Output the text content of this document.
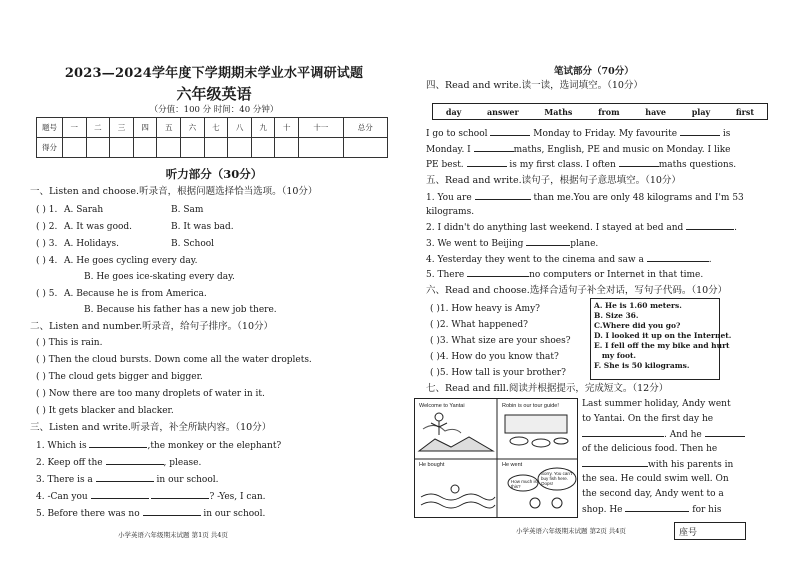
2023—2024学年度下学期期末学业水平调研试题
六年级英语
（分值：100 分 时间：40 分钟）
题号	一	二	三	四	五	六	七	八	九	十	十一	总分
得分												
听力部分（30分）
一、Listen and choose.听录音，根据问题选择恰当选项。（10分）
( ) 1. A. Sarah	B. Sam
( ) 2. A. It was good.	B. It was bad.
( ) 3. A. Holidays.	B. School
( ) 4. A. He goes cycling every day.
B. He goes ice-skating every day.
( ) 5. A. Because he is from America.
B. Because his father has a new job there.
二、Listen and number.听录音，给句子排序。（10分）
( ) This is rain.
( ) Then the cloud bursts. Down come all the water droplets.
( ) The cloud gets bigger and bigger.
( ) Now there are too many droplets of water in it.
( ) It gets blacker and blacker.
三、Listen and write.听录音，补全所缺内容。（10分）
1. Which is	,the monkey or the elephant?
2. Keep off the	, please.
3. There is a	in our school.
4. -Can you	? -Yes, I can.
5. Before there was no	in our school.
小学英语六年级期末试题 第1页 共4页
笔试部分（70分）
四、Read and write.读一读，选词填空。（10分）
day	answer	Maths	from	have	play	first
I go to school	Monday to Friday. My favourite	is
Monday. I	maths, English, PE and music on Monday. I like
PE best.	is my first class. I often	maths questions.
五、Read and write.读句子，根据句子意思填空。（10分）
1. You are	than me.You are only 48 kilograms and I'm 53
kilograms.
2. I didn't do anything last weekend. I stayed at bed and	.
3. We went to Beijing	plane.
4. Yesterday they went to the cinema and saw a	.
5. There	no computers or Internet in that time.
六、Read and choose.选择合适句子补全对话，写句子代码。（10分）
( )1. How heavy is Amy?
( )2. What happened?
( )3. What size are your shoes?
( )4. How do you know that?
( )5. How tall is your brother?
A. He is 1.60 meters.
B. Size 36.
C.Where did you go?
D. I looked it up on the Internet.
E. I fell off the my bike and hurt
my foot.
F. She is 50 kilograms.
七、Read and fill.阅读并根据提示，完成短文。（12分）
Welcome to Yantai	Robin is our tour guide!
How much is this?
Sorry. You can't buy fish here. Oops!
He bought	He went
Last summer holiday, Andy went
to Yantai. On the first day he
. And he
of the delicious food. Then he
with his parents in
the sea. He could swim well. On
the second day, Andy went to a
shop. He	for his
小学英语六年级期末试题 第2页 共4页	座号
